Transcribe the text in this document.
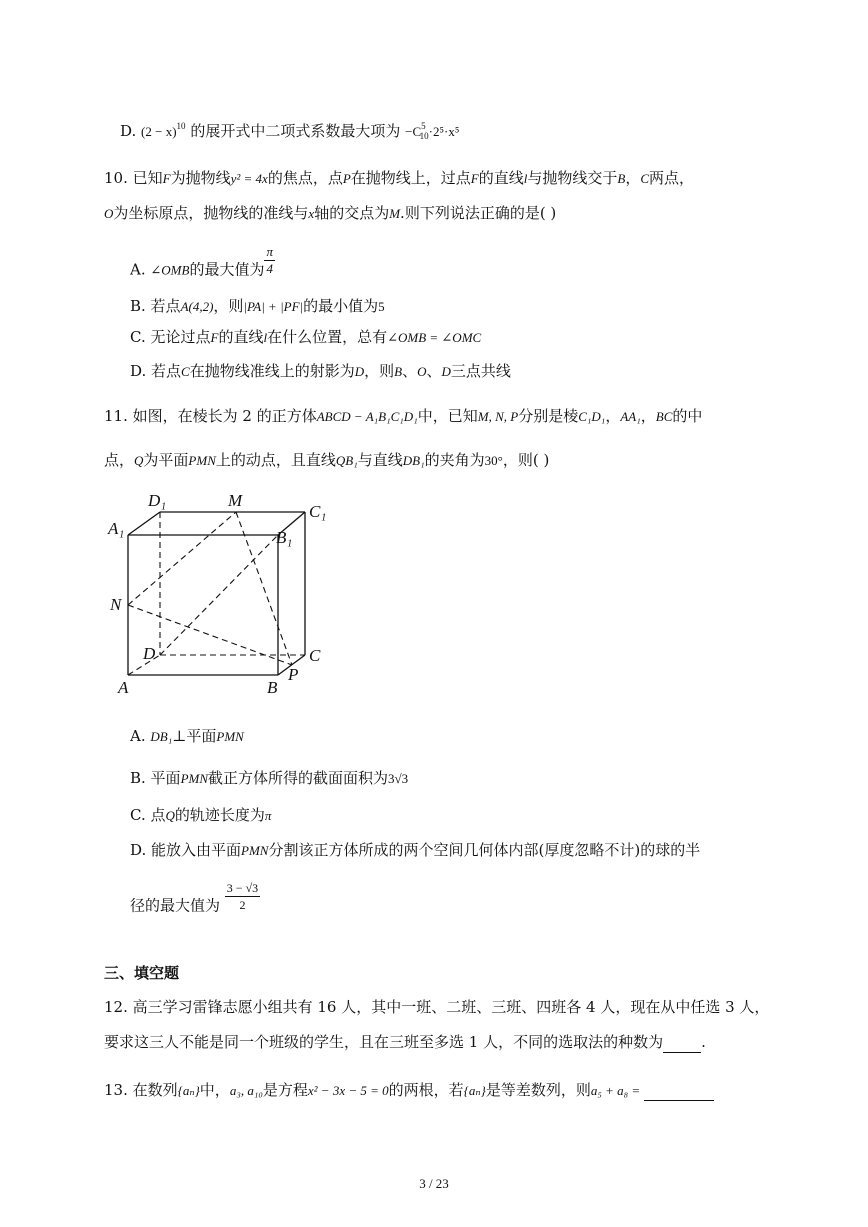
D. $(2 - x)^{10}$ 的展开式中二项式系数最大项为 $-C^5_{10}\cdot 2^5\cdot x^5$
10. 已知F为抛物线y² = 4x的焦点，点P在抛物线上，过点F的直线l与抛物线交于B，C两点，
O为坐标原点，抛物线的准线与x轴的交点为M.则下列说法正确的是( )
A. ∠OMB的最大值为 $\frac{\pi}{4}$
B. 若点A(4,2)，则|PA| + |PF|的最小值为5
C. 无论过点F的直线l在什么位置，总有∠OMB = ∠OMC
D. 若点C在抛物线准线上的射影为D，则B、O、D三点共线
11. 如图，在棱长为 2 的正方体ABCD − A₁B₁C₁D₁中，已知M, N, P分别是棱C₁D₁，AA₁，BC的中
点，Q为平面PMN上的动点，且直线QB₁与直线DB₁的夹角为30°，则( )
D₁	M
C₁
A₁	B₁
N
D	C
P
A	B
A. DB₁⊥平面PMN
B. 平面PMN截正方体所得的截面面积为3√3
C. 点Q的轨迹长度为π
D. 能放入由平面PMN分割该正方体所成的两个空间几何体内部(厚度忽略不计)的球的半
径的最大值为 $\frac{3 - √3}{2}$
三、填空题
12. 高三学习雷锋志愿小组共有 16 人，其中一班、二班、三班、四班各 4 人，现在从中任选 3 人，
要求这三人不能是同一个班级的学生，且在三班至多选 1 人，不同的选取法的种数为	.
13. 在数列{aₙ}中，a₃, a₁₀是方程x² − 3x − 5 = 0的两根，若{aₙ}是等差数列，则a₅ + a₈ =
3 / 23
